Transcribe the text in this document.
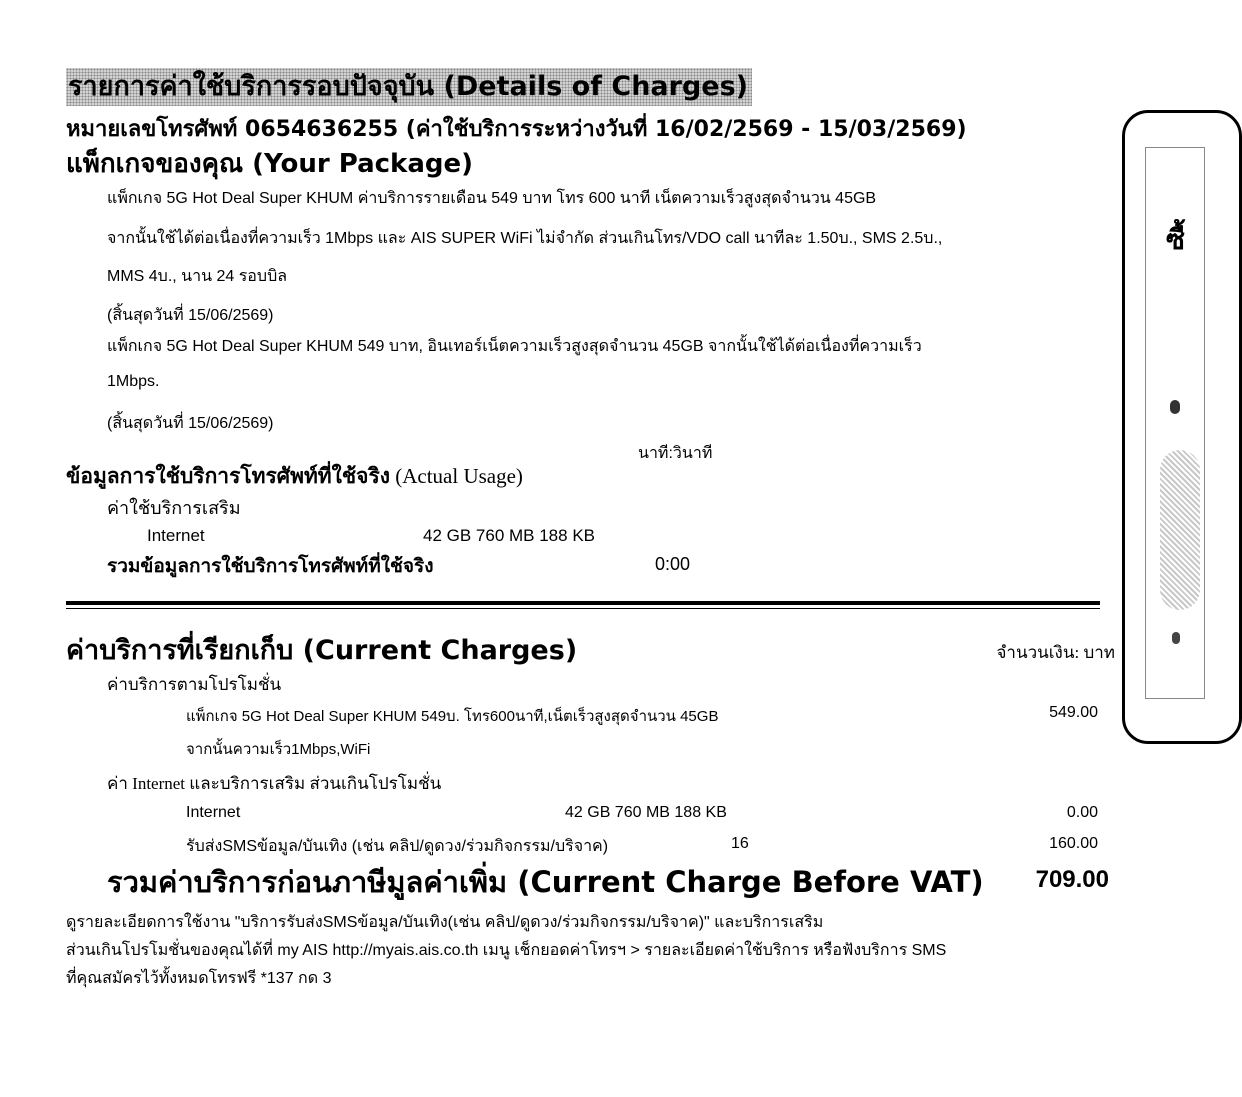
รายการค่าใช้บริการรอบปัจจุบัน (Details of Charges)
หมายเลขโทรศัพท์ 0654636255 (ค่าใช้บริการระหว่างวันที่ 16/02/2569 - 15/03/2569)
แพ็กเกจของคุณ (Your Package)
แพ็กเกจ 5G Hot Deal Super KHUM ค่าบริการรายเดือน 549 บาท โทร 600 นาที เน็ตความเร็วสูงสุดจำนวน 45GB
จากนั้นใช้ได้ต่อเนื่องที่ความเร็ว 1Mbps และ AIS SUPER WiFi ไม่จำกัด ส่วนเกินโทร/VDO call นาทีละ 1.50บ., SMS 2.5บ.,
MMS 4บ., นาน 24 รอบบิล
(สิ้นสุดวันที่ 15/06/2569)
แพ็กเกจ 5G Hot Deal Super KHUM 549 บาท, อินเทอร์เน็ตความเร็วสูงสุดจำนวน 45GB จากนั้นใช้ได้ต่อเนื่องที่ความเร็ว
1Mbps.
(สิ้นสุดวันที่ 15/06/2569)
นาที:วินาที
ข้อมูลการใช้บริการโทรศัพท์ที่ใช้จริง (Actual Usage)
ค่าใช้บริการเสริม
Internet	42 GB 760 MB 188 KB
รวมข้อมูลการใช้บริการโทรศัพท์ที่ใช้จริง	0:00
ค่าบริการที่เรียกเก็บ (Current Charges)	จำนวนเงิน: บาท
ค่าบริการตามโปรโมชั่น
แพ็กเกจ 5G Hot Deal Super KHUM 549บ. โทร600นาที,เน็ตเร็วสูงสุดจำนวน 45GB	549.00
จากนั้นความเร็ว1Mbps,WiFi
ค่า Internet และบริการเสริม ส่วนเกินโปรโมชั่น
Internet	42 GB 760 MB 188 KB	0.00
รับส่งSMSข้อมูล/บันเทิง (เช่น คลิป/ดูดวง/ร่วมกิจกรรม/บริจาค)	16	160.00
รวมค่าบริการก่อนภาษีมูลค่าเพิ่ม (Current Charge Before VAT) 709.00
ดูรายละเอียดการใช้งาน "บริการรับส่งSMSข้อมูล/บันเทิง(เช่น คลิป/ดูดวง/ร่วมกิจกรรม/บริจาค)" และบริการเสริม
ส่วนเกินโปรโมชั่นของคุณได้ที่ my AIS http://myais.ais.co.th เมนู เช็กยอดค่าโทรฯ > รายละเอียดค่าใช้บริการ หรือฟังบริการ SMS
ที่คุณสมัครไว้ทั้งหมดโทรฟรี *137 กด 3
ซื้
